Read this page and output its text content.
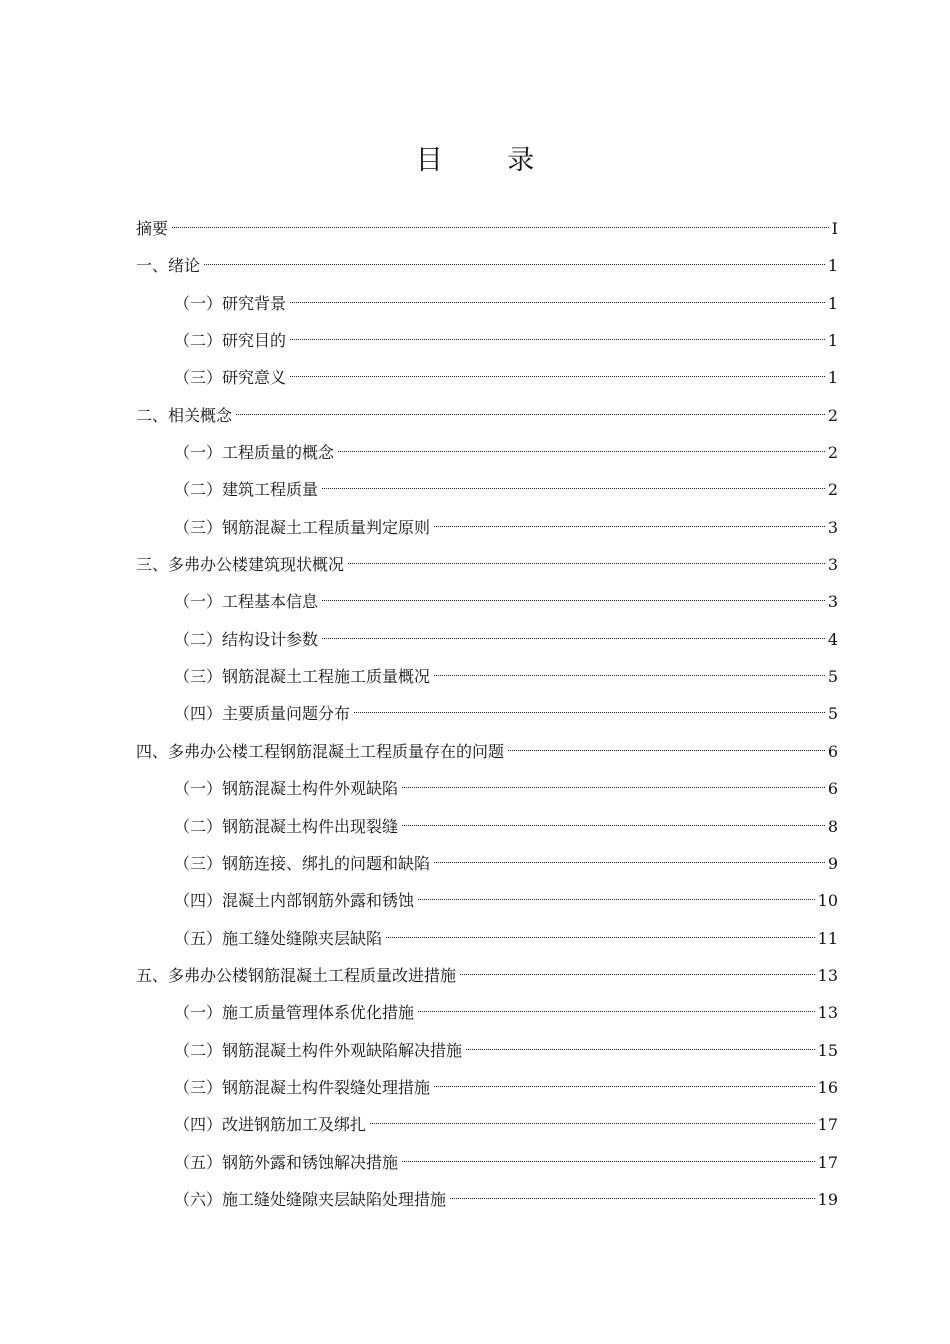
目 录
摘要	I
一、绪论	1
（一）研究背景	1
（二）研究目的	1
（三）研究意义	1
二、相关概念	2
（一）工程质量的概念	2
（二）建筑工程质量	2
（三）钢筋混凝土工程质量判定原则	3
三、多弗办公楼建筑现状概况	3
（一）工程基本信息	3
（二）结构设计参数	4
（三）钢筋混凝土工程施工质量概况	5
（四）主要质量问题分布	5
四、多弗办公楼工程钢筋混凝土工程质量存在的问题	6
（一）钢筋混凝土构件外观缺陷	6
（二）钢筋混凝土构件出现裂缝	8
（三）钢筋连接、绑扎的问题和缺陷	9
（四）混凝土内部钢筋外露和锈蚀	10
（五）施工缝处缝隙夹层缺陷	11
五、多弗办公楼钢筋混凝土工程质量改进措施	13
（一）施工质量管理体系优化措施	13
（二）钢筋混凝土构件外观缺陷解决措施	15
（三）钢筋混凝土构件裂缝处理措施	16
（四）改进钢筋加工及绑扎	17
（五）钢筋外露和锈蚀解决措施	17
（六）施工缝处缝隙夹层缺陷处理措施	19
